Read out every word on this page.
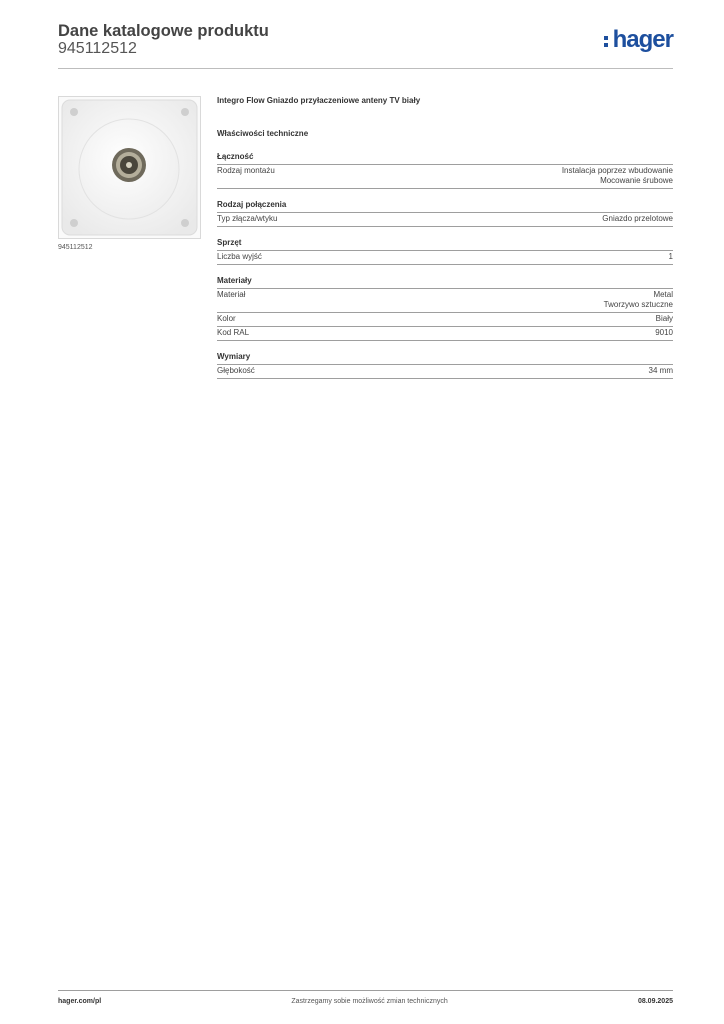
Dane katalogowe produktu
945112512	hager
945112512
Integro Flow Gniazdo przyłaczeniowe anteny TV biały
Właściwości techniczne
Łączność
Rodzaj montażu	Instalacja poprzez wbudowanie
Mocowanie śrubowe
Rodzaj połączenia
Typ złącza/wtyku	Gniazdo przelotowe
Sprzęt
Liczba wyjść	1
Materiały
Materiał	Metal
Tworzywo sztuczne
Kolor	Biały
Kod RAL	9010
Wymiary
Głębokość	34 mm
hager.com/pl	Zastrzegamy sobie możliwość zmian technicznych	08.09.2025
